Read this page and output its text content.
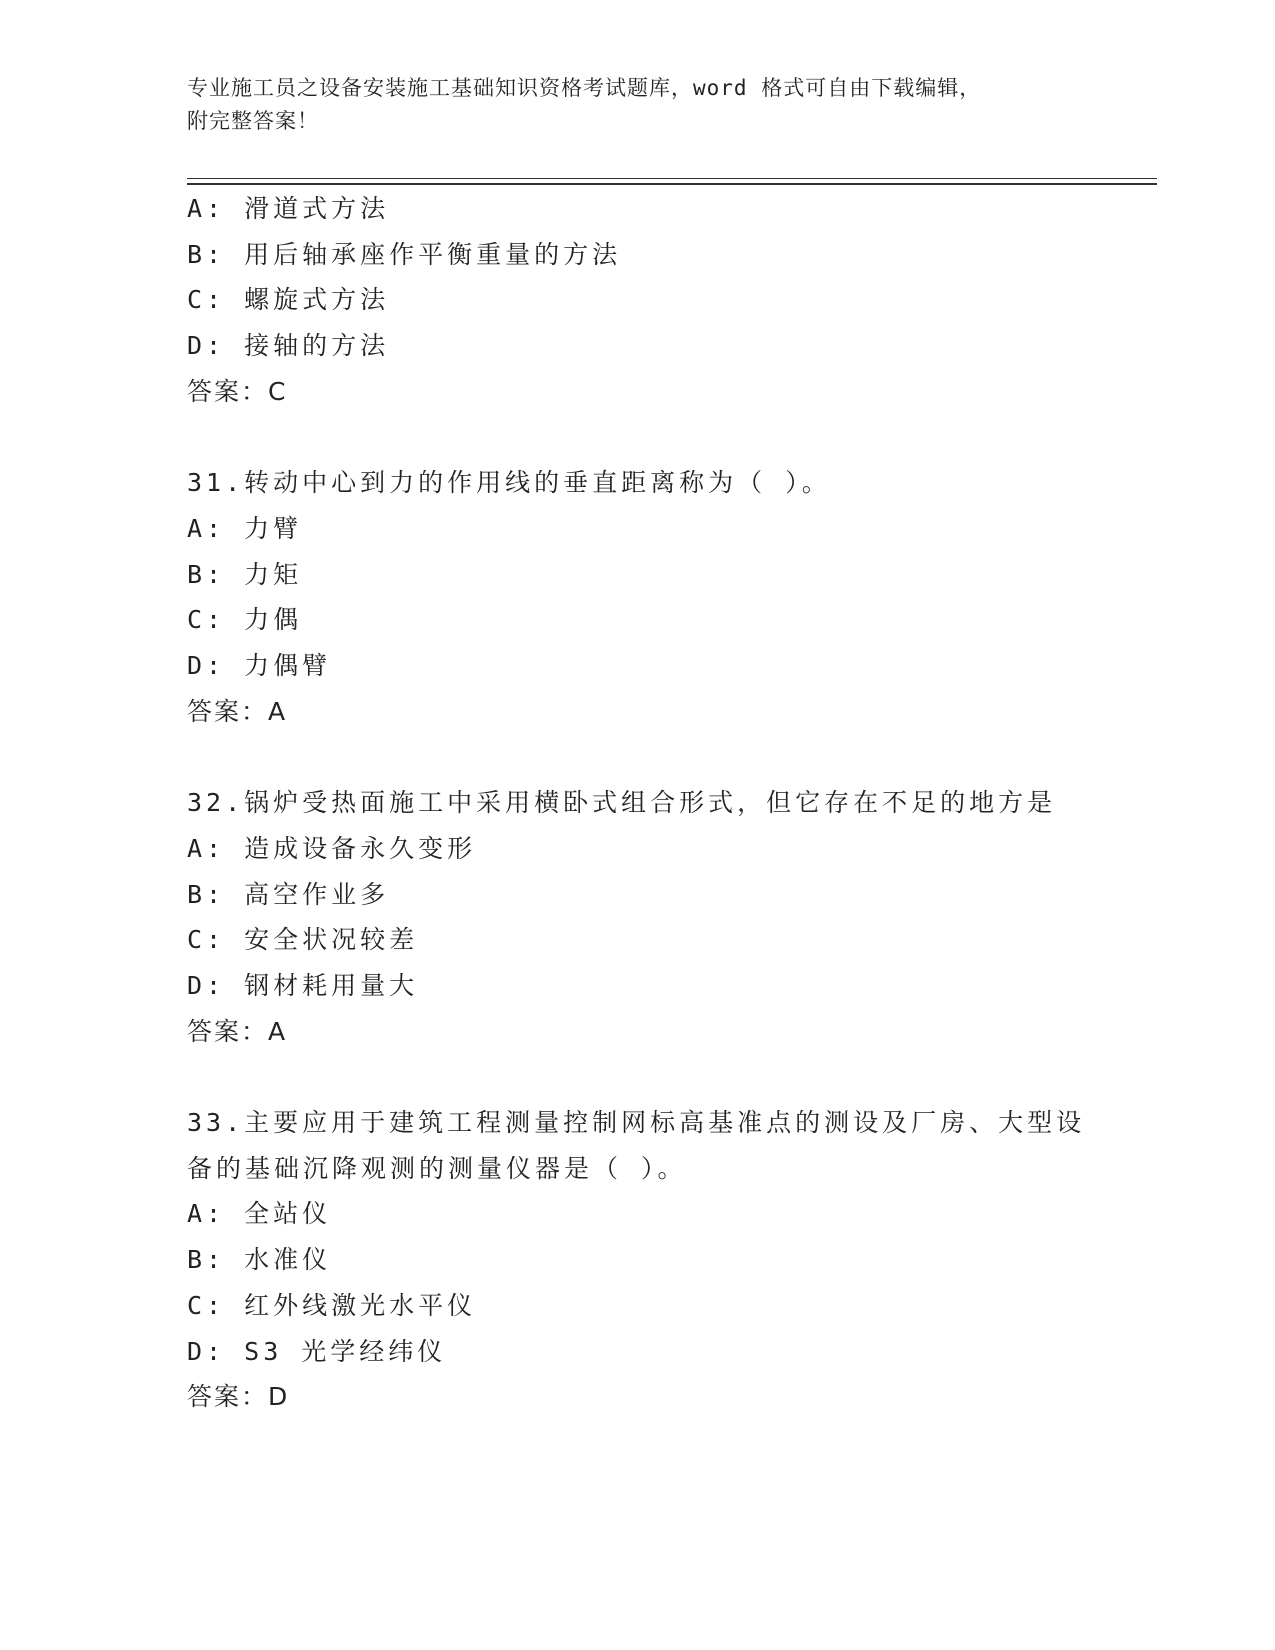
专业施工员之设备安装施工基础知识资格考试题库，word 格式可自由下载编辑，
附完整答案！
A: 滑道式方法
B: 用后轴承座作平衡重量的方法
C: 螺旋式方法
D: 接轴的方法
答案：C
31.转动中心到力的作用线的垂直距离称为（ ）。
A: 力臂
B: 力矩
C: 力偶
D: 力偶臂
答案：A
32.锅炉受热面施工中采用横卧式组合形式，但它存在不足的地方是
A: 造成设备永久变形
B: 高空作业多
C: 安全状况较差
D: 钢材耗用量大
答案：A
33.主要应用于建筑工程测量控制网标高基准点的测设及厂房、大型设
备的基础沉降观测的测量仪器是（ ）。
A: 全站仪
B: 水准仪
C: 红外线激光水平仪
D: S3 光学经纬仪
答案：D
